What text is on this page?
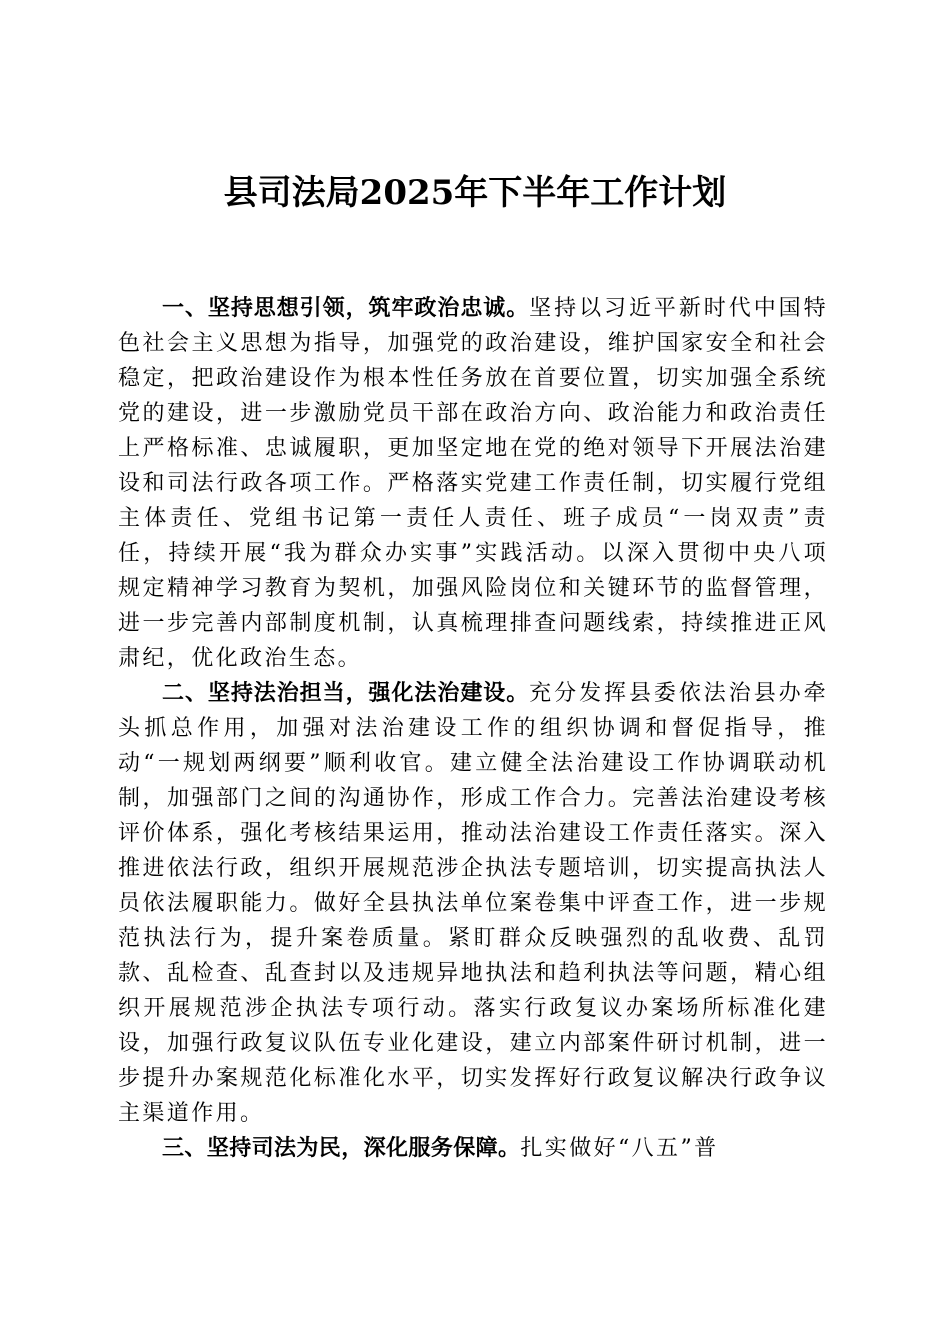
县司法局2025年下半年工作计划

一、坚持思想引领，筑牢政治忠诚。坚持以习近平新时代中国特色社会主义思想为指导，加强党的政治建设，维护国家安全和社会稳定，把政治建设作为根本性任务放在首要位置，切实加强全系统党的建设，进一步激励党员干部在政治方向、政治能力和政治责任上严格标准、忠诚履职，更加坚定地在党的绝对领导下开展法治建设和司法行政各项工作。严格落实党建工作责任制，切实履行党组主体责任、党组书记第一责任人责任、班子成员“一岗双责”责任，持续开展“我为群众办实事”实践活动。以深入贯彻中央八项规定精神学习教育为契机，加强风险岗位和关键环节的监督管理，进一步完善内部制度机制，认真梳理排查问题线索，持续推进正风肃纪，优化政治生态。

二、坚持法治担当，强化法治建设。充分发挥县委依法治县办牵头抓总作用，加强对法治建设工作的组织协调和督促指导，推动“一规划两纲要”顺利收官。建立健全法治建设工作协调联动机制，加强部门之间的沟通协作，形成工作合力。完善法治建设考核评价体系，强化考核结果运用，推动法治建设工作责任落实。深入推进依法行政，组织开展规范涉企执法专题培训，切实提高执法人员依法履职能力。做好全县执法单位案卷集中评查工作，进一步规范执法行为，提升案卷质量。紧盯群众反映强烈的乱收费、乱罚款、乱检查、乱查封以及违规异地执法和趋利执法等问题，精心组织开展规范涉企执法专项行动。落实行政复议办案场所标准化建设，加强行政复议队伍专业化建设，建立内部案件研讨机制，进一步提升办案规范化标准化水平，切实发挥好行政复议解决行政争议主渠道作用。

三、坚持司法为民，深化服务保障。扎实做好“八五”普
